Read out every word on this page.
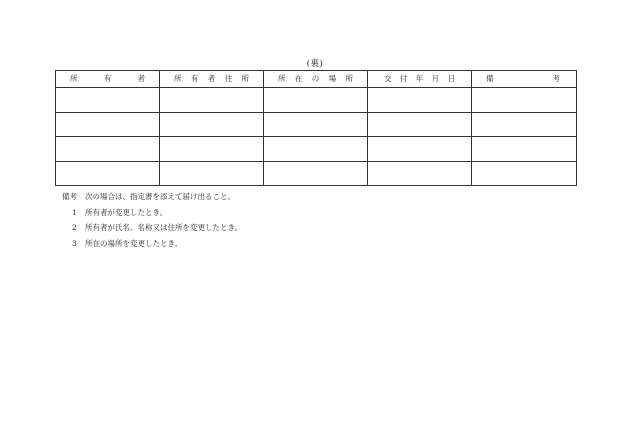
(裏)
所 有 者	所 有 者 住 所	所 在 の 場 所	交 付 年 月 日	備 考

備考 次の場合は、指定書を添えて届け出ること。
1 所有者が変更したとき。
2 所有者が氏名、名称又は住所を変更したとき。
3 所在の場所を変更したとき。
